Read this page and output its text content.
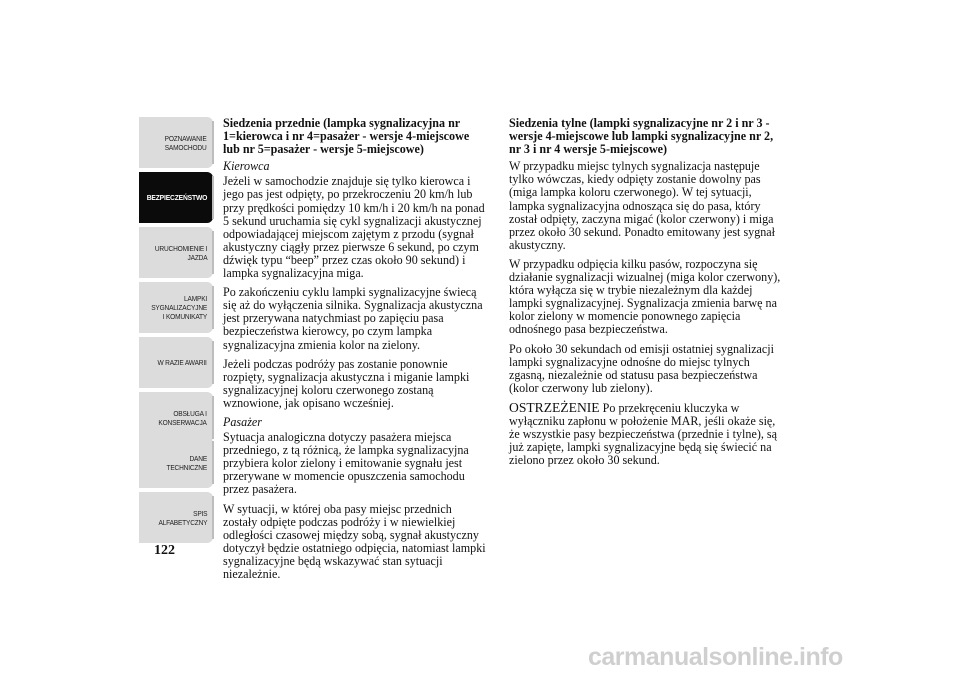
POZNAWANIE
SAMOCHODU
BEZPIECZEŃSTWO
URUCHOMIENIE I
JAZDA
LAMPKI
SYGNALIZACYJNE
I KOMUNIKATY
W RAZIE AWARII
OBSŁUGA I
KONSERWACJA
DANE
TECHNICZNE
SPIS
ALFABETYCZNY
122
Siedzenia przednie (lampka sygnalizacyjna nr 1=kierowca i nr 4=pasażer - wersje 4-miejscowe lub nr 5=pasażer - wersje 5-miejscowe)
Kierowca

Jeżeli w samochodzie znajduje się tylko kierowca i jego pas jest odpięty, po przekroczeniu 20 km/h lub przy prędkości pomiędzy 10 km/h i 20 km/h na ponad 5 sekund uruchamia się cykl sygnalizacji akustycznej odpowiadającej miejscom zajętym z przodu (sygnał akustyczny ciągły przez pierwsze 6 sekund, po czym dźwięk typu “beep” przez czas około 90 sekund) i lampka sygnalizacyjna miga.

Po zakończeniu cyklu lampki sygnalizacyjne świecą się aż do wyłączenia silnika. Sygnalizacja akustyczna jest przerywana natychmiast po zapięciu pasa bezpieczeństwa kierowcy, po czym lampka sygnalizacyjna zmienia kolor na zielony.

Jeżeli podczas podróży pas zostanie ponownie rozpięty, sygnalizacja akustyczna i miganie lampki sygnalizacyjnej koloru czerwonego zostaną wznowione, jak opisano wcześniej.

Pasażer

Sytuacja analogiczna dotyczy pasażera miejsca przedniego, z tą różnicą, że lampka sygnalizacyjna przybiera kolor zielony i emitowanie sygnału jest przerywane w momencie opuszczenia samochodu przez pasażera.

W sytuacji, w której oba pasy miejsc przednich zostały odpięte podczas podróży i w niewielkiej odległości czasowej między sobą, sygnał akustyczny dotyczył będzie ostatniego odpięcia, natomiast lampki sygnalizacyjne będą wskazywać stan sytuacji niezależnie.

Siedzenia tylne (lampki sygnalizacyjne nr 2 i nr 3 - wersje 4-miejscowe lub lampki sygnalizacyjne nr 2, nr 3 i nr 4 wersje 5-miejscowe)

W przypadku miejsc tylnych sygnalizacja następuje tylko wówczas, kiedy odpięty zostanie dowolny pas (miga lampka koloru czerwonego). W tej sytuacji, lampka sygnalizacyjna odnosząca się do pasa, który został odpięty, zaczyna migać (kolor czerwony) i miga przez około 30 sekund. Ponadto emitowany jest sygnał akustyczny.

W przypadku odpięcia kilku pasów, rozpoczyna się działanie sygnalizacji wizualnej (miga kolor czerwony), która wyłącza się w trybie niezależnym dla każdej lampki sygnalizacyjnej. Sygnalizacja zmienia barwę na kolor zielony w momencie ponownego zapięcia odnośnego pasa bezpieczeństwa.

Po około 30 sekundach od emisji ostatniej sygnalizacji lampki sygnalizacyjne odnośne do miejsc tylnych zgasną, niezależnie od statusu pasa bezpieczeństwa (kolor czerwony lub zielony).

OSTRZEŻENIE Po przekręceniu kluczyka w wyłączniku zapłonu w położenie MAR, jeśli okaże się, że wszystkie pasy bezpieczeństwa (przednie i tylne), są już zapięte, lampki sygnalizacyjne będą się świecić na zielono przez około 30 sekund.

carmanualsonline.info
